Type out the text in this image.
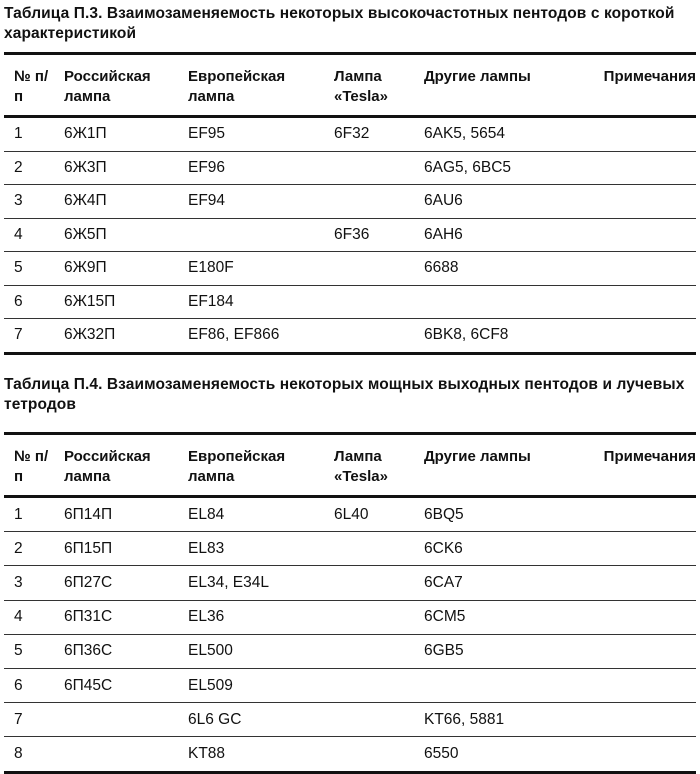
Таблица П.3. Взаимозаменяемость некоторых высокочастотных пентодов с короткой характеристикой

№ п/п	Российская лампа	Европейская лампа	Лампа «Tesla»	Другие лампы	Примечания
1	6Ж1П	EF95	6F32	6AK5, 5654	
2	6Ж3П	EF96		6AG5, 6BC5	
3	6Ж4П	EF94		6AU6	
4	6Ж5П		6F36	6AH6	
5	6Ж9П	E180F		6688	
6	6Ж15П	EF184			
7	6Ж32П	EF86, EF866		6BK8, 6CF8	

Таблица П.4. Взаимозаменяемость некоторых мощных выходных пентодов и лучевых тетродов

№ п/п	Российская лампа	Европейская лампа	Лампа «Tesla»	Другие лампы	Примечания
1	6П14П	EL84	6L40	6BQ5	
2	6П15П	EL83		6CK6	
3	6П27С	EL34, E34L		6CA7	
4	6П31С	EL36		6CM5	
5	6П36С	EL500		6GB5	
6	6П45С	EL509			
7		6L6 GC		KT66, 5881	
8		KT88		6550	
